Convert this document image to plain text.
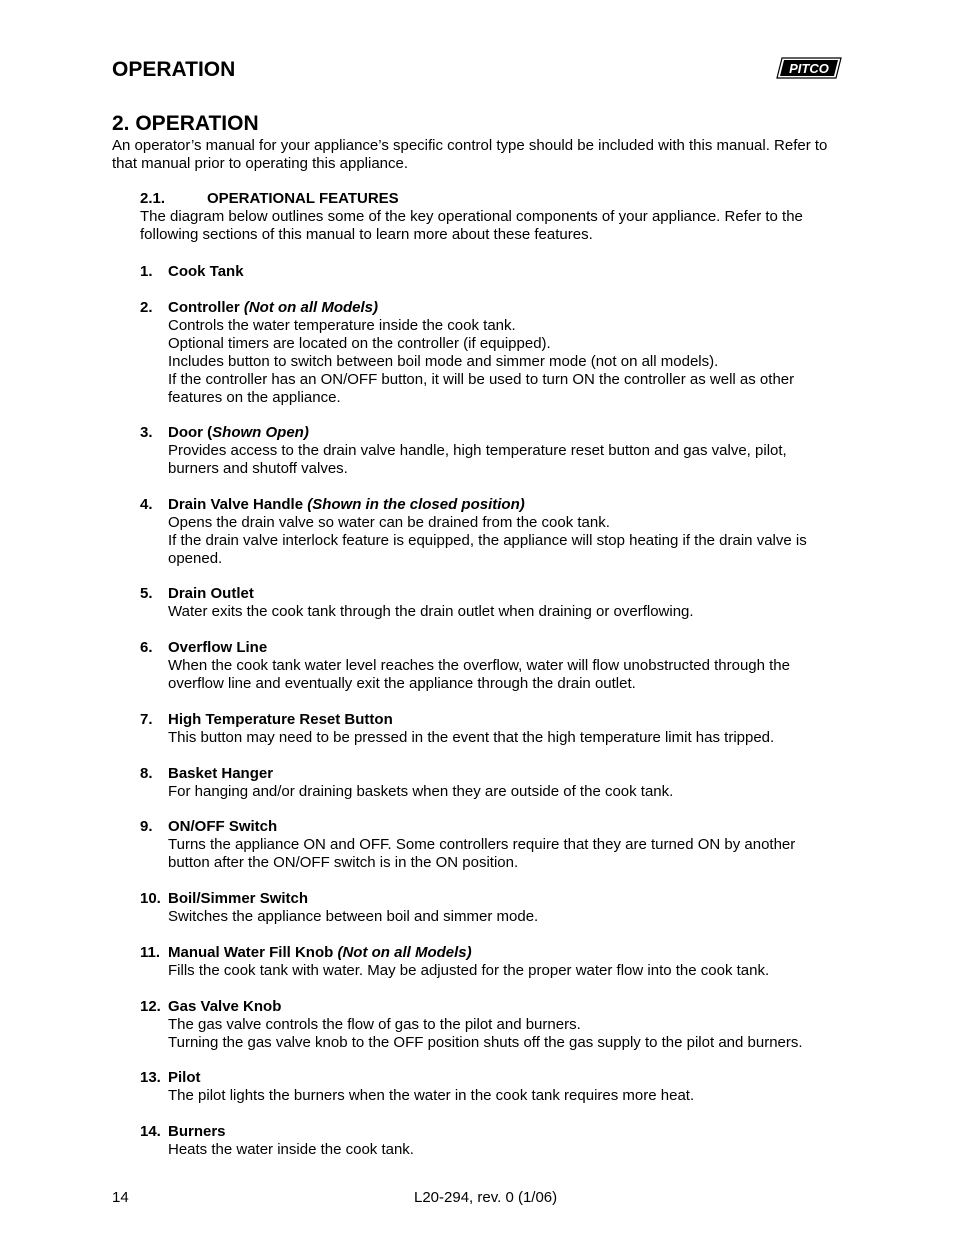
OPERATION	PITCO
2. OPERATION
An operator’s manual for your appliance’s specific control type should be included with this manual. Refer to that manual prior to operating this appliance.
2.1.	OPERATIONAL FEATURES
The diagram below outlines some of the key operational components of your appliance. Refer to the following sections of this manual to learn more about these features.
1. Cook Tank
2. Controller (Not on all Models)

Controls the water temperature inside the cook tank.

Optional timers are located on the controller (if equipped).

Includes button to switch between boil mode and simmer mode (not on all models).

If the controller has an ON/OFF button, it will be used to turn ON the controller as well as other features on the appliance.

3. Door (Shown Open)

Provides access to the drain valve handle, high temperature reset button and gas valve, pilot, burners and shutoff valves.

4. Drain Valve Handle (Shown in the closed position)

Opens the drain valve so water can be drained from the cook tank.

If the drain valve interlock feature is equipped, the appliance will stop heating if the drain valve is opened.

5. Drain Outlet

Water exits the cook tank through the drain outlet when draining or overflowing.

6. Overflow Line

When the cook tank water level reaches the overflow, water will flow unobstructed through the overflow line and eventually exit the appliance through the drain outlet.

7. High Temperature Reset Button

This button may need to be pressed in the event that the high temperature limit has tripped.

8. Basket Hanger

For hanging and/or draining baskets when they are outside of the cook tank.

9. ON/OFF Switch

Turns the appliance ON and OFF. Some controllers require that they are turned ON by another button after the ON/OFF switch is in the ON position.

10. Boil/Simmer Switch

Switches the appliance between boil and simmer mode.

11. Manual Water Fill Knob (Not on all Models)

Fills the cook tank with water. May be adjusted for the proper water flow into the cook tank.

12. Gas Valve Knob

The gas valve controls the flow of gas to the pilot and burners.

Turning the gas valve knob to the OFF position shuts off the gas supply to the pilot and burners.

13. Pilot

The pilot lights the burners when the water in the cook tank requires more heat.

14. Burners

Heats the water inside the cook tank.

14	L20-294, rev. 0 (1/06)
